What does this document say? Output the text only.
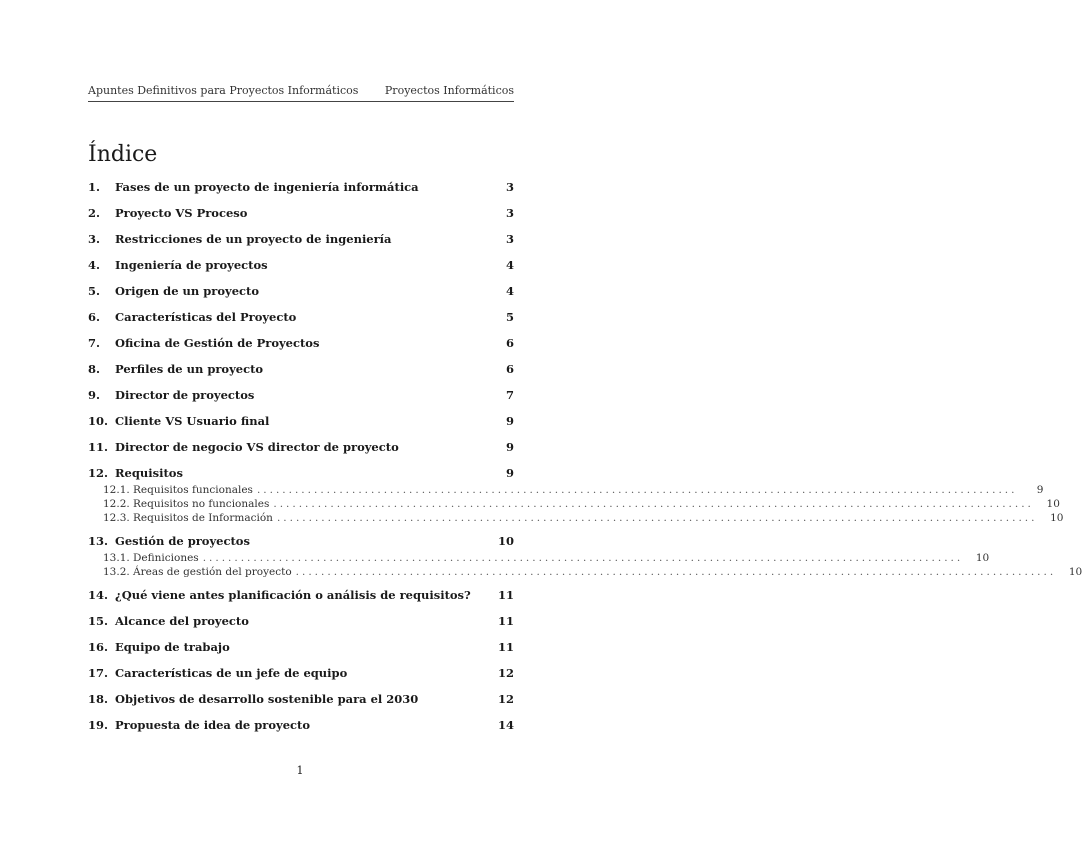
Apuntes Definitivos para Proyectos Informáticos Proyectos Informáticos
Índice
1.	Fases de un proyecto de ingeniería informática	3
2.	Proyecto VS Proceso	3
3.	Restricciones de un proyecto de ingeniería	3
4.	Ingeniería de proyectos	4
5.	Origen de un proyecto	4
6.	Características del Proyecto	5
7.	Oficina de Gestión de Proyectos	6
8.	Perfiles de un proyecto	6
9.	Director de proyectos	7
10. Cliente VS Usuario final	9
11. Director de negocio VS director de proyecto	9
12. Requisitos	9
12.1. Requisitos funcionales ........................................................................................................................	9
12.2. Requisitos no funcionales ........................................................................................................................	10
12.3. Requisitos de Información ........................................................................................................................	10
13. Gestión de proyectos	10
13.1. Definiciones ........................................................................................................................	10
13.2. Áreas de gestión del proyecto ........................................................................................................................	10
14. ¿Qué viene antes planificación o análisis de requisitos?	11
15. Alcance del proyecto	11
16. Equipo de trabajo	11
17. Características de un jefe de equipo	12
18. Objetivos de desarrollo sostenible para el 2030	12
19. Propuesta de idea de proyecto	14
1
